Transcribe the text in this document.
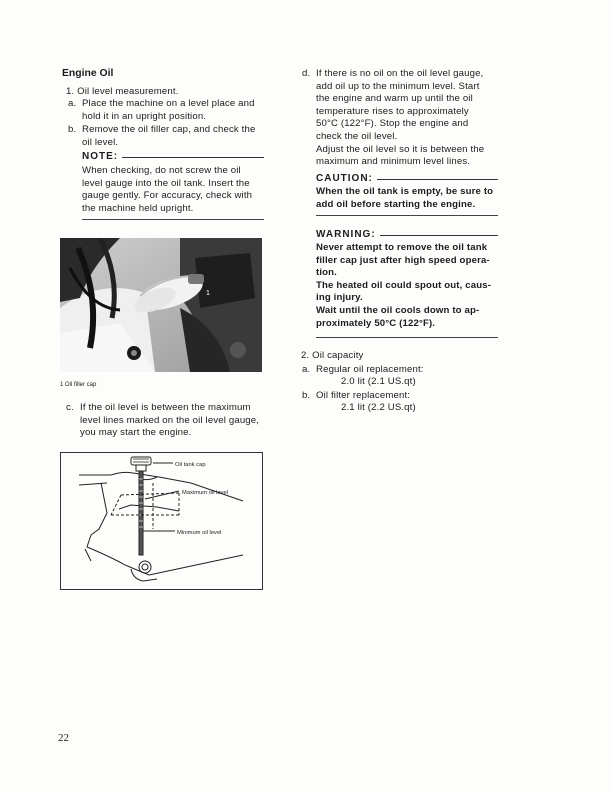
Engine Oil
1. Oil level measurement.
a. Place the machine on a level place and
hold it in an upright position.
b. Remove the oil filler cap, and check the
oil level.
NOTE:
When checking, do not screw the oil
level gauge into the oil tank. Insert the
gauge gently. For accuracy, check with
the machine held upright.
1
1 Oil filler cap
c. If the oil level is between the maximum
level lines marked on the oil level gauge,
you may start the engine.
Oil tank cap
Maximum oil level
Minimum oil level
22
d. If there is no oil on the oil level gauge,
add oil up to the minimum level. Start
the engine and warm up until the oil
temperature rises to approximately
50°C (122°F). Stop the engine and
check the oil level.
Adjust the oil level so it is between the
maximum and minimum level lines.
CAUTION:
When the oil tank is empty, be sure to
add oil before starting the engine.
WARNING:
Never attempt to remove the oil tank
filler cap just after high speed opera-
tion.
The heated oil could spout out, caus-
ing injury.
Wait until the oil cools down to ap-
proximately 50°C (122°F).
2. Oil capacity
a. Regular oil replacement:
2.0 lit (2.1 US.qt)
b. Oil filter replacement:
2.1 lit (2.2 US.qt)
